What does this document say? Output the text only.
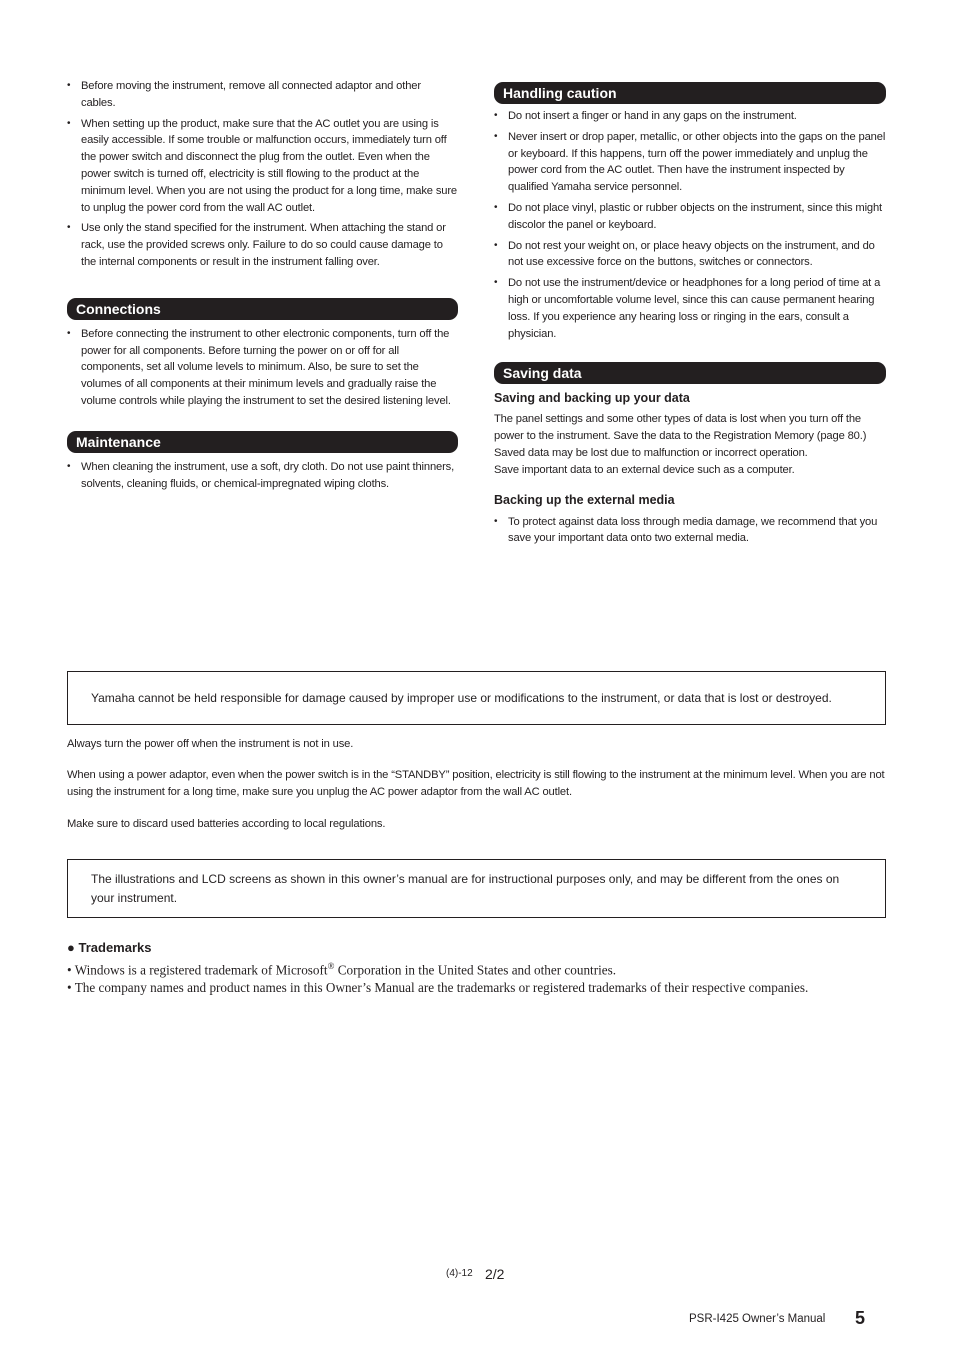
• Before moving the instrument, remove all connected adaptor and other cables.
• When setting up the product, make sure that the AC outlet you are using is easily accessible. If some trouble or malfunction occurs, immediately turn off the power switch and disconnect the plug from the outlet. Even when the power switch is turned off, electricity is still flowing to the product at the minimum level. When you are not using the product for a long time, make sure to unplug the power cord from the wall AC outlet.
• Use only the stand specified for the instrument. When attaching the stand or rack, use the provided screws only. Failure to do so could cause damage to the internal components or result in the instrument falling over.
Connections
• Before connecting the instrument to other electronic components, turn off the power for all components. Before turning the power on or off for all components, set all volume levels to minimum. Also, be sure to set the volumes of all components at their minimum levels and gradually raise the volume controls while playing the instrument to set the desired listening level.
Maintenance
• When cleaning the instrument, use a soft, dry cloth. Do not use paint thinners, solvents, cleaning fluids, or chemical-impregnated wiping cloths.
Handling caution
• Do not insert a finger or hand in any gaps on the instrument.
• Never insert or drop paper, metallic, or other objects into the gaps on the panel or keyboard. If this happens, turn off the power immediately and unplug the power cord from the AC outlet. Then have the instrument inspected by qualified Yamaha service personnel.
• Do not place vinyl, plastic or rubber objects on the instrument, since this might discolor the panel or keyboard.
• Do not rest your weight on, or place heavy objects on the instrument, and do not use excessive force on the buttons, switches or connectors.
• Do not use the instrument/device or headphones for a long period of time at a high or uncomfortable volume level, since this can cause permanent hearing loss. If you experience any hearing loss or ringing in the ears, consult a physician.
Saving data

Saving and backing up your data

The panel settings and some other types of data is lost when you turn off the power to the instrument. Save the data to the Registration Memory (page 80.)

Saved data may be lost due to malfunction or incorrect operation.

Save important data to an external device such as a computer.

Backing up the external media

• To protect against data loss through media damage, we recommend that you save your important data onto two external media.
Yamaha cannot be held responsible for damage caused by improper use or modifications to the instrument, or data that is lost or destroyed.

Always turn the power off when the instrument is not in use.

When using a power adaptor, even when the power switch is in the “STANDBY” position, electricity is still flowing to the instrument at the minimum level. When you are not using the instrument for a long time, make sure you unplug the AC power adaptor from the wall AC outlet.

Make sure to discard used batteries according to local regulations.

The illustrations and LCD screens as shown in this owner’s manual are for instructional purposes only, and may be different from the ones on your instrument.

● Trademarks

• Windows is a registered trademark of Microsoft® Corporation in the United States and other countries.
• The company names and product names in this Owner’s Manual are the trademarks or registered trademarks of their respective companies.
(4)-12 2/2
PSR-I425 Owner’s Manual 5
